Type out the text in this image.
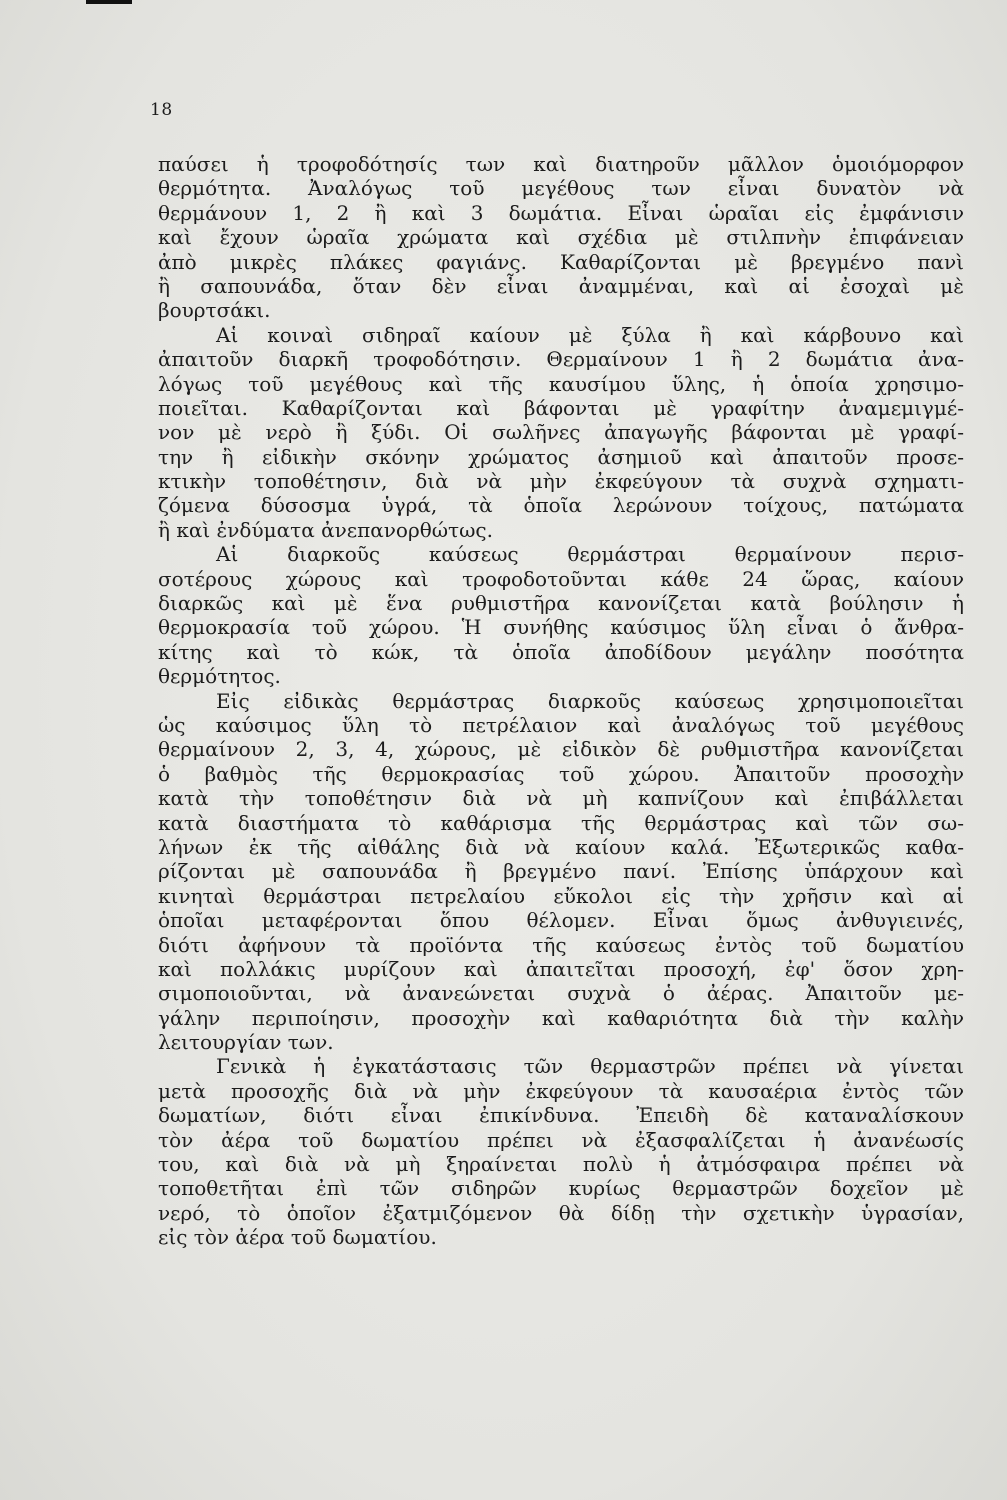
18
παύσει ἡ τροφοδότησίς των καὶ διατηροῦν μᾶλλον ὁμοιόμορφον
θερμότητα. Ἀναλόγως τοῦ μεγέθους των εἶναι δυνατὸν νὰ
θερμάνουν 1, 2 ἢ καὶ 3 δωμάτια. Εἶναι ὡραῖαι εἰς ἐμφάνισιν
καὶ ἔχουν ὡραῖα χρώματα καὶ σχέδια μὲ στιλπνὴν ἐπιφάνειαν
ἀπὸ μικρὲς πλάκες φαγιάνς. Καθαρίζονται μὲ βρεγμένο πανὶ
ἢ σαπουνάδα, ὅταν δὲν εἶναι ἀναμμέναι, καὶ αἱ ἐσοχαὶ μὲ
βουρτσάκι.
Αἱ κοιναὶ σιδηραῖ καίουν μὲ ξύλα ἢ καὶ κάρβουνο καὶ
ἀπαιτοῦν διαρκῆ τροφοδότησιν. Θερμαίνουν 1 ἢ 2 δωμάτια ἀνα-
λόγως τοῦ μεγέθους καὶ τῆς καυσίμου ὕλης, ἡ ὁποία χρησιμο-
ποιεῖται. Καθαρίζονται καὶ βάφονται μὲ γραφίτην ἀναμεμιγμέ-
νον μὲ νερὸ ἢ ξύδι. Οἱ σωλῆνες ἀπαγωγῆς βάφονται μὲ γραφί-
την ἢ εἰδικὴν σκόνην χρώματος ἀσημιοῦ καὶ ἀπαιτοῦν προσε-
κτικὴν τοποθέτησιν, διὰ νὰ μὴν ἐκφεύγουν τὰ συχνὰ σχηματι-
ζόμενα δύσοσμα ὑγρά, τὰ ὁποῖα λερώνουν τοίχους, πατώματα
ἢ καὶ ἐνδύματα ἀνεπανορθώτως.
Αἱ διαρκοῦς καύσεως θερμάστραι θερμαίνουν περισ-
σοτέρους χώρους καὶ τροφοδοτοῦνται κάθε 24 ὥρας, καίουν
διαρκῶς καὶ μὲ ἕνα ρυθμιστῆρα κανονίζεται κατὰ βούλησιν ἡ
θερμοκρασία τοῦ χώρου. Ἡ συνήθης καύσιμος ὕλη εἶναι ὁ ἄνθρα-
κίτης καὶ τὸ κώκ, τὰ ὁποῖα ἀποδίδουν μεγάλην ποσότητα
θερμότητος.
Εἰς εἰδικὰς θερμάστρας διαρκοῦς καύσεως χρησιμοποιεῖται
ὡς καύσιμος ὕλη τὸ πετρέλαιον καὶ ἀναλόγως τοῦ μεγέθους
θερμαίνουν 2, 3, 4, χώρους, μὲ εἰδικὸν δὲ ρυθμιστῆρα κανονίζεται
ὁ βαθμὸς τῆς θερμοκρασίας τοῦ χώρου. Ἀπαιτοῦν προσοχὴν
κατὰ τὴν τοποθέτησιν διὰ νὰ μὴ καπνίζουν καὶ ἐπιβάλλεται
κατὰ διαστήματα τὸ καθάρισμα τῆς θερμάστρας καὶ τῶν σω-
λήνων ἐκ τῆς αἰθάλης διὰ νὰ καίουν καλά. Ἐξωτερικῶς καθα-
ρίζονται μὲ σαπουνάδα ἢ βρεγμένο πανί. Ἐπίσης ὑπάρχουν καὶ
κινηταὶ θερμάστραι πετρελαίου εὔκολοι εἰς τὴν χρῆσιν καὶ αἱ
ὁποῖαι μεταφέρονται ὅπου θέλομεν. Εἶναι ὅμως ἀνθυγιεινές,
διότι ἀφήνουν τὰ προϊόντα τῆς καύσεως ἐντὸς τοῦ δωματίου
καὶ πολλάκις μυρίζουν καὶ ἀπαιτεῖται προσοχή, ἐφ' ὅσον χρη-
σιμοποιοῦνται, νὰ ἀνανεώνεται συχνὰ ὁ ἀέρας. Ἀπαιτοῦν με-
γάλην περιποίησιν, προσοχὴν καὶ καθαριότητα διὰ τὴν καλὴν
λειτουργίαν των.
Γενικὰ ἡ ἐγκατάστασις τῶν θερμαστρῶν πρέπει νὰ γίνεται
μετὰ προσοχῆς διὰ νὰ μὴν ἐκφεύγουν τὰ καυσαέρια ἐντὸς τῶν
δωματίων, διότι εἶναι ἐπικίνδυνα. Ἐπειδὴ δὲ καταναλίσκουν
τὸν ἀέρα τοῦ δωματίου πρέπει νὰ ἐξασφαλίζεται ἡ ἀνανέωσίς
του, καὶ διὰ νὰ μὴ ξηραίνεται πολὺ ἡ ἀτμόσφαιρα πρέπει νὰ
τοποθετῆται ἐπὶ τῶν σιδηρῶν κυρίως θερμαστρῶν δοχεῖον μὲ
νερό, τὸ ὁποῖον ἐξατμιζόμενον θὰ δίδῃ τὴν σχετικὴν ὑγρασίαν,
εἰς τὸν ἀέρα τοῦ δωματίου.
